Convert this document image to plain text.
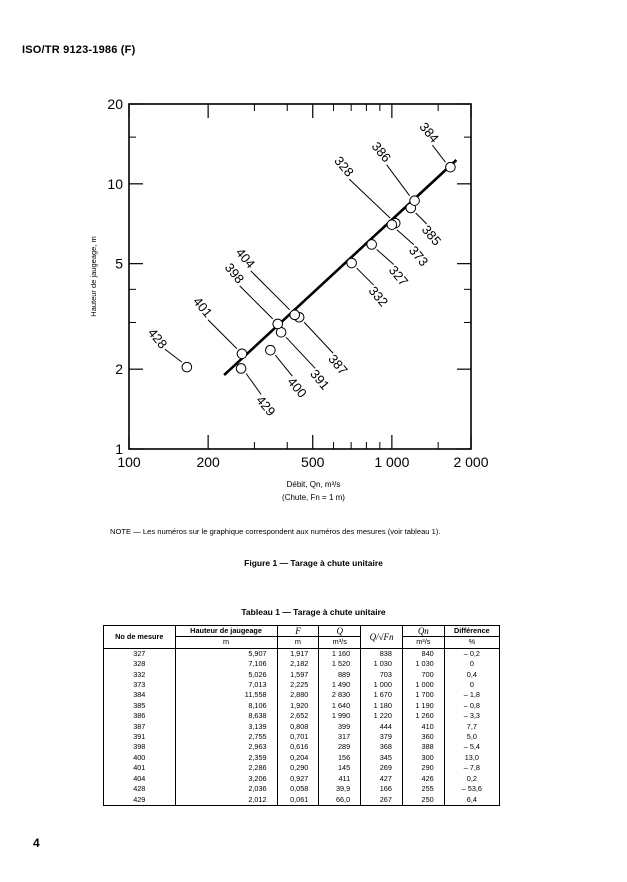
ISO/TR 9123-1986 (F)
100	200	500	1 000	2 000
1
2
5
10
20
Hauteur de jaugeage, m	327
328
332
373
384
385
386
387
391
398
400
401
404
428
429
Débit, Qn, m³/s
(Chute, Fn = 1 m)
NOTE — Les numéros sur le graphique correspondent aux numéros des mesures (voir tableau 1).
Figure 1 — Tarage à chute unitaire
Tableau 1 — Tarage à chute unitaire
No de mesure	Hauteur de jaugeage	F	Q	Q/√Fn	Qn	Différence
	m	m	m³/s		m³/s	%
327	5,907	1,917	1 160	838	840	– 0,2
328	7,106	2,182	1 520	1 030	1 030	0
332	5,026	1,597	889	703	700	0,4
373	7,013	2,225	1 490	1 000	1 000	0
384	11,558	2,880	2 830	1 670	1 700	– 1,8
385	8,106	1,920	1 640	1 180	1 190	– 0,8
386	8,638	2,652	1 990	1 220	1 260	– 3,3
387	3,139	0,808	399	444	410	7,7
391	2,755	0,701	317	379	360	5,0
398	2,963	0,616	289	368	388	– 5,4
400	2,359	0,204	156	345	300	13,0
401	2,286	0,290	145	269	290	– 7,8
404	3,206	0,927	411	427	426	0,2
428	2,036	0,058	39,9	166	255	– 53,6
429	2,012	0,061	66,0	267	250	6,4
4
